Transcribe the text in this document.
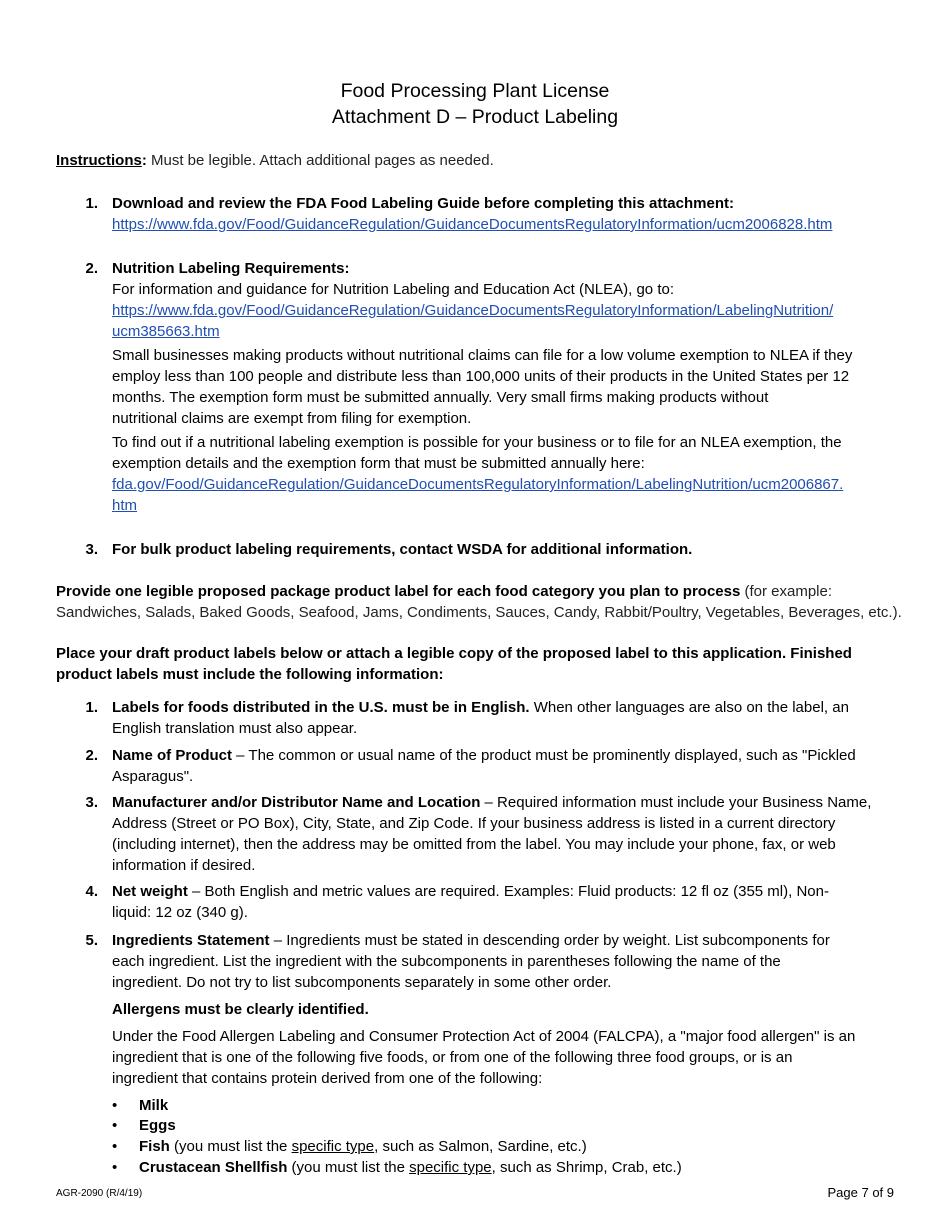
Food Processing Plant License
Attachment D – Product Labeling
Instructions: Must be legible. Attach additional pages as needed.
1. Download and review the FDA Food Labeling Guide before completing this attachment:
https://www.fda.gov/Food/GuidanceRegulation/GuidanceDocumentsRegulatoryInformation/ucm2006828.htm
2. Nutrition Labeling Requirements:
For information and guidance for Nutrition Labeling and Education Act (NLEA), go to:
https://www.fda.gov/Food/GuidanceRegulation/GuidanceDocumentsRegulatoryInformation/LabelingNutrition/
ucm385663.htm
Small businesses making products without nutritional claims can file for a low volume exemption to NLEA if they
employ less than 100 people and distribute less than 100,000 units of their products in the United States per 12
months. The exemption form must be submitted annually. Very small firms making products without
nutritional claims are exempt from filing for exemption.
To find out if a nutritional labeling exemption is possible for your business or to file for an NLEA exemption, the
exemption details and the exemption form that must be submitted annually here:
fda.gov/Food/GuidanceRegulation/GuidanceDocumentsRegulatoryInformation/LabelingNutrition/ucm2006867.
htm
3. For bulk product labeling requirements, contact WSDA for additional information.
Provide one legible proposed package product label for each food category you plan to process (for example:
Sandwiches, Salads, Baked Goods, Seafood, Jams, Condiments, Sauces, Candy, Rabbit/Poultry, Vegetables, Beverages, etc.).
Place your draft product labels below or attach a legible copy of the proposed label to this application. Finished
product labels must include the following information:
1. Labels for foods distributed in the U.S. must be in English. When other languages are also on the label, an
English translation must also appear.
2. Name of Product – The common or usual name of the product must be prominently displayed, such as "Pickled
Asparagus".
3. Manufacturer and/or Distributor Name and Location – Required information must include your Business Name,
Address (Street or PO Box), City, State, and Zip Code. If your business address is listed in a current directory
(including internet), then the address may be omitted from the label. You may include your phone, fax, or web
information if desired.
4. Net weight – Both English and metric values are required. Examples: Fluid products: 12 fl oz (355 ml), Non-
liquid: 12 oz (340 g).
5. Ingredients Statement – Ingredients must be stated in descending order by weight. List subcomponents for
each ingredient. List the ingredient with the subcomponents in parentheses following the name of the
ingredient. Do not try to list subcomponents separately in some other order.
Allergens must be clearly identified.
Under the Food Allergen Labeling and Consumer Protection Act of 2004 (FALCPA), a "major food allergen" is an
ingredient that is one of the following five foods, or from one of the following three food groups, or is an
ingredient that contains protein derived from one of the following:
• Milk
• Eggs
• Fish (you must list the specific type, such as Salmon, Sardine, etc.)
• Crustacean Shellfish (you must list the specific type, such as Shrimp, Crab, etc.)
AGR-2090 (R/4/19)	Page 7 of 9
